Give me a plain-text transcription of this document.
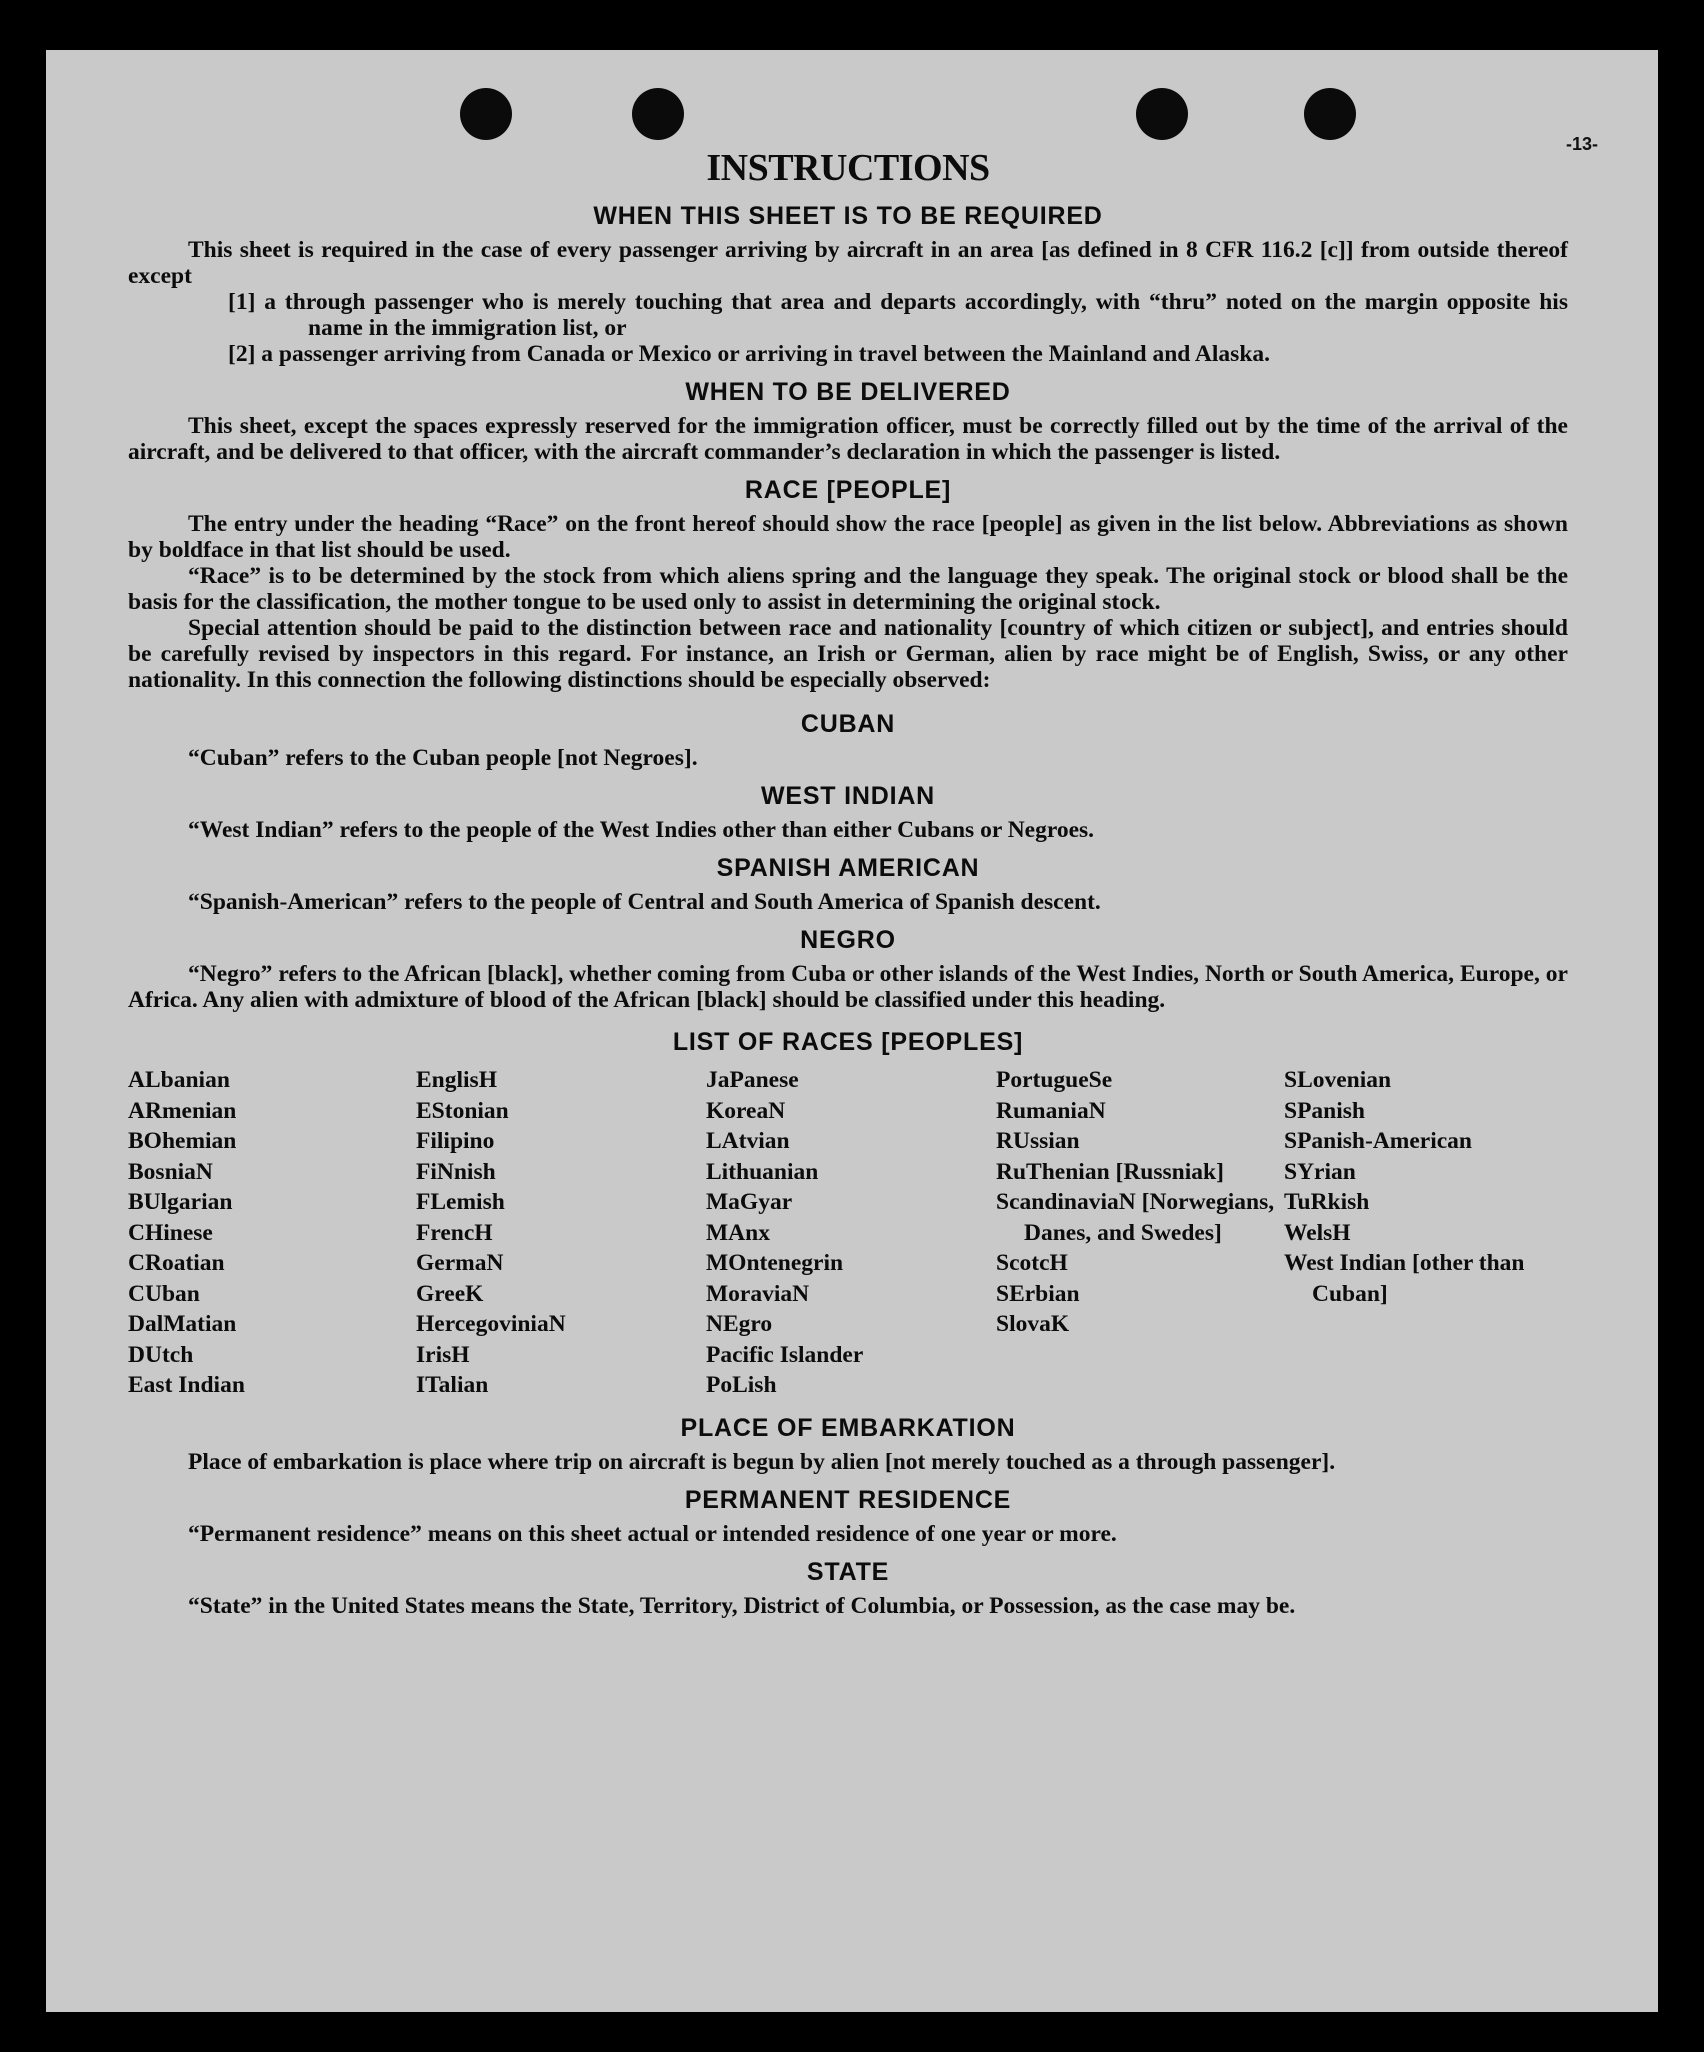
-13-
INSTRUCTIONS
WHEN THIS SHEET IS TO BE REQUIRED

This sheet is required in the case of every passenger arriving by aircraft in an area [as defined in 8 CFR 116.2 [c]] from outside thereof except

[1] a through passenger who is merely touching that area and departs accordingly, with “thru” noted on the margin opposite his name in the immigration list, or

[2] a passenger arriving from Canada or Mexico or arriving in travel between the Mainland and Alaska.

WHEN TO BE DELIVERED

This sheet, except the spaces expressly reserved for the immigration officer, must be correctly filled out by the time of the arrival of the aircraft, and be delivered to that officer, with the aircraft commander’s declaration in which the passenger is listed.

RACE [PEOPLE]

The entry under the heading “Race” on the front hereof should show the race [people] as given in the list below. Abbreviations as shown by boldface in that list should be used.

“Race” is to be determined by the stock from which aliens spring and the language they speak. The original stock or blood shall be the basis for the classification, the mother tongue to be used only to assist in determining the original stock.

Special attention should be paid to the distinction between race and nationality [country of which citizen or subject], and entries should be carefully revised by inspectors in this regard. For instance, an Irish or German, alien by race might be of English, Swiss, or any other nationality. In this connection the following distinctions should be especially observed:

CUBAN

“Cuban” refers to the Cuban people [not Negroes].

WEST INDIAN

“West Indian” refers to the people of the West Indies other than either Cubans or Negroes.

SPANISH AMERICAN

“Spanish-American” refers to the people of Central and South America of Spanish descent.

NEGRO

“Negro” refers to the African [black], whether coming from Cuba or other islands of the West Indies, North or South America, Europe, or Africa. Any alien with admixture of blood of the African [black] should be classified under this heading.

LIST OF RACES [PEOPLES]
ALbanian
ARmenian
BOhemian
BosniaN
BUlgarian
CHinese
CRoatian
CUban
DalMatian
DUtch
East Indian
EnglisH
EStonian
Filipino
FiNnish
FLemish
FrencH
GermaN
GreeK
HercegoviniaN
IrisH
ITalian
JaPanese
KoreaN
LAtvian
Lithuanian
MaGyar
MAnx
MOntenegrin
MoraviaN
NEgro
Pacific Islander
PoLish
PortugueSe
RumaniaN
RUssian
RuThenian [Russniak]
ScandinaviaN [Norwegians, Danes, and Swedes]
ScotcH
SErbian
SlovaK
SLovenian
SPanish
SPanish-American
SYrian
TuRkish
WelsH
West Indian [other than Cuban]
PLACE OF EMBARKATION

Place of embarkation is place where trip on aircraft is begun by alien [not merely touched as a through passenger].

PERMANENT RESIDENCE

“Permanent residence” means on this sheet actual or intended residence of one year or more.

STATE

“State” in the United States means the State, Territory, District of Columbia, or Possession, as the case may be.
